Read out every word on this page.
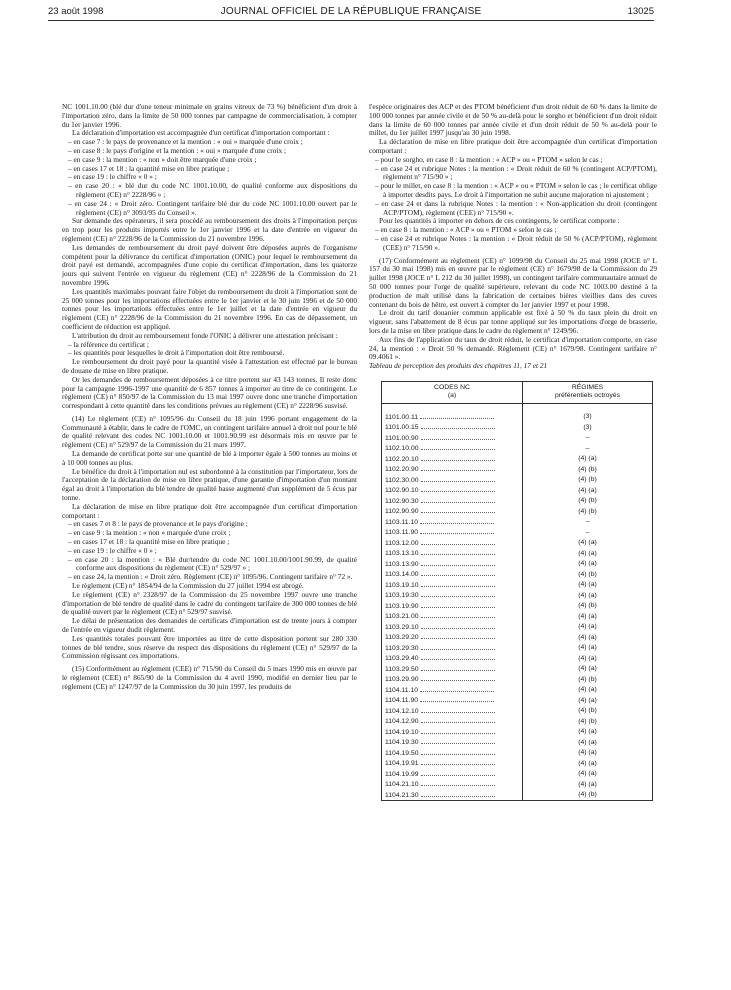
23 août 1998	JOURNAL OFFICIEL DE LA RÉPUBLIQUE FRANÇAISE	13025

NC 1001.10.00 (blé dur d'une teneur minimale en grains vitreux de 73 %) bénéficient d'un droit à l'importation zéro, dans la limite de 50 000 tonnes par campagne de commercialisation, à compter du 1er janvier 1996.

La déclaration d'importation est accompagnée d'un certificat d'importation comportant :

– en case 7 : le pays de provenance et la mention : « oui » marquée d'une croix ;

– en case 8 : le pays d'origine et la mention : « oui » marquée d'une croix ;

– en case 9 : la mention : « non » doit être marquée d'une croix ;

– en cases 17 et 18 : la quantité mise en libre pratique ;

– en case 19 : le chiffre « 0 » ;

– en case 20 : « blé dur du code NC 1001.10.00, de qualité conforme aux dispositions du règlement (CE) n° 2228/96 » ;

– en case 24 : « Droit zéro. Contingent tarifaire blé dur du code NC 1001.10.00 ouvert par le règlement (CE) n° 3093/95 du Conseil ».

Sur demande des opérateurs, il sera procédé au remboursement des droits à l'importation perçus en trop pour les produits importés entre le 1er janvier 1996 et la date d'entrée en vigueur du règlement (CE) n° 2228/96 de la Commission du 21 novembre 1996.

Les demandes de remboursement du droit payé doivent être déposées auprès de l'organisme compétent pour la délivrance du certificat d'importation (ONIC) pour lequel le remboursement du droit payé est demandé, accompagnées d'une copie du certificat d'importation, dans les quatorze jours qui suivent l'entrée en vigueur du règlement (CE) n° 2228/96 de la Commission du 21 novembre 1996.

Les quantités maximales pouvant faire l'objet du remboursement du droit à l'importation sont de 25 000 tonnes pour les importations effectuées entre le 1er janvier et le 30 juin 1996 et de 50 000 tonnes pour les importations effectuées entre le 1er juillet et la date d'entrée en vigueur du règlement (CE) n° 2228/96 de la Commission du 21 novembre 1996. En cas de dépassement, un coefficient de réduction est appliqué.

L'attribution du droit au remboursement fonde l'ONIC à délivrer une attestation précisant :

– la référence du certificat ;

– les quantités pour lesquelles le droit à l'importation doit être remboursé.

Le remboursement du droit payé pour la quantité visée à l'attestation est effectué par le bureau de douane de mise en libre pratique.

Or les demandes de remboursement déposées à ce titre portent sur 43 143 tonnes. Il reste donc pour la campagne 1996-1997 une quantité de 6 857 tonnes à importer au titre de ce contingent. Le règlement (CE) n° 850/97 de la Commission du 13 mai 1997 ouvre donc une tranche d'importation correspondant à cette quantité dans les conditions prévues au règlement (CE) n° 2228/96 susvisé.

(14) Le règlement (CE) n° 1095/96 du Conseil du 18 juin 1996 portant engagement de la Communauté à établir, dans le cadre de l'OMC, un contingent tarifaire annuel à droit nul pour le blé de qualité relevant des codes NC 1001.10.00 et 1001.90.99 est désormais mis en œuvre par le règlement (CE) n° 529/97 de la Commission du 21 mars 1997.

La demande de certificat porte sur une quantité de blé à importer égale à 500 tonnes au moins et à 10 000 tonnes au plus.

Le bénéfice du droit à l'importation nul est subordonné à la constitution par l'importateur, lors de l'acceptation de la déclaration de mise en libre pratique, d'une garantie d'importation d'un montant égal au droit à l'importation du blé tendre de qualité basse augmenté d'un supplément de 5 écus par tonne.

La déclaration de mise en libre pratique doit être accompagnée d'un certificat d'importation comportant :

– en cases 7 et 8 : le pays de provenance et le pays d'origine ;

– en case 9 : la mention : « non » marquée d'une croix ;

– en cases 17 et 18 : la quantité mise en libre pratique ;

– en case 19 : le chiffre « 0 » ;

– en case 20 : la mention : « Blé dur/tendre du code NC 1001.10.00/1001.90.99, de qualité conforme aux dispositions du règlement (CE) n° 529/97 » ;

– en case 24, la mention : « Droit zéro. Règlement (CE) n° 1095/96. Contingent tarifaire n° 72 ».

Le règlement (CE) n° 1854/94 de la Commission du 27 juillet 1994 est abrogé.

Le règlement (CE) n° 2328/97 de la Commission du 25 novembre 1997 ouvre une tranche d'importation de blé tendre de qualité dans le cadre du contingent tarifaire de 300 000 tonnes de blé de qualité ouvert par le règlement (CE) n° 529/97 susvisé.

Le délai de présentation des demandes de certificats d'importation est de trente jours à compter de l'entrée en vigueur dudit règlement.

Les quantités totales pouvant être importées au titre de cette disposition portent sur 280 330 tonnes de blé tendre, sous réserve du respect des dispositions du règlement (CE) n° 529/97 de la Commission régissant ces importations.

(15) Conformément au règlement (CEE) n° 715/90 du Conseil du 5 mars 1990 mis en œuvre par le règlement (CEE) n° 865/90 de la Commission du 4 avril 1990, modifié en dernier lieu par le règlement (CE) n° 1247/97 de la Commission du 30 juin 1997, les produits de

l'espèce originaires des ACP et des PTOM bénéficient d'un droit réduit de 60 % dans la limite de 100 000 tonnes par année civile et de 50 % au-delà pour le sorgho et bénéficient d'un droit réduit dans la limite de 60 000 tonnes par année civile et d'un droit réduit de 50 % au-delà pour le millet, du 1er juillet 1997 jusqu'au 30 juin 1998.

La déclaration de mise en libre pratique doit être accompagnée d'un certificat d'importation comportant :

– pour le sorgho, en case 8 : la mention : « ACP » ou « PTOM » selon le cas ;

– en case 24 et rubrique Notes : la mention : « Droit réduit de 60 % (contingent ACP/PTOM), règlement n° 715/90 » ;

– pour le millet, en case 8 : la mention : « ACP » ou « PTOM » selon le cas ; le certificat oblige à importer desdits pays. Le droit à l'importation ne subit aucune majoration ni ajustement ;

– en case 24 et dans la rubrique Notes : la mention : « Non-application du droit (contingent ACP/PTOM), règlement (CEE) n° 715/90 ».

Pour les quantités à importer en dehors de ces contingents, le certificat comporte :

– en case 8 : la mention : « ACP » ou « PTOM » selon le cas ;

– en case 24 et rubrique Notes : la mention : « Droit réduit de 50 % (ACP/PTOM), règlement (CEE) n° 715/90 ».

(17) Conformément au règlement (CE) n° 1099/98 du Conseil du 25 mai 1998 (JOCE n° L 157 du 30 mai 1998) mis en œuvre par le règlement (CE) n° 1679/98 de la Commission du 29 juillet 1998 (JOCE n° L 212 du 30 juillet 1998), un contingent tarifaire communautaire annuel de 50 000 tonnes pour l'orge de qualité supérieure, relevant du code NC 1003.00 destiné à la production de malt utilisé dans la fabrication de certaines bières vieillies dans des cuves contenant du bois de hêtre, est ouvert à compter du 1er janvier 1997 et pour 1998.

Le droit du tarif douanier commun applicable est fixé à 50 % du taux plein du droit en vigueur, sans l'abattement de 8 écus par tonne appliqué sur les importations d'orge de brasserie, lors de la mise en libre pratique dans le cadre du règlement n° 1249/96.

Aux fins de l'application du taux de droit réduit, le certificat d'importation comporte, en case 24, la mention : « Droit 50 % demandé. Règlement (CE) n° 1679/98. Contingent tarifaire n° 09.4061 ».

Tableau de perception des produits des chapitres 11, 17 et 21

CODES NC
(a)	RÉGIMES
préférentiels octroyés
1101.00.11	(3)
1101.00.15	(3)
1101.00.90	–
1102.10.00	–
1102.20.10	(4) (a)
1102.20.90	(4) (b)
1102.30.00	(4) (b)
1102.90.10	(4) (a)
1102.90.30	(4) (b)
1102.90.90	(4) (b)
1103.11.10	–
1103.11.90	–
1103.12.00	(4) (a)
1103.13.10	(4) (a)
1103.13.90	(4) (a)
1103.14.00	(4) (b)
1103.19.10	(4) (a)
1103.19.30	(4) (a)
1103.19.90	(4) (b)
1103.21.00	(4) (a)
1103.29.10	(4) (a)
1103.29.20	(4) (a)
1103.29.30	(4) (a)
1103.29.40	(4) (a)
1103.29.50	(4) (a)
1103.29.90	(4) (b)
1104.11.10	(4) (a)
1104.11.90	(4) (a)
1104.12.10	(4) (b)
1104.12.90	(4) (b)
1104.19.10	(4) (a)
1104.19.30	(4) (a)
1104.19.50	(4) (a)
1104.19.91	(4) (a)
1104.19.99	(4) (a)
1104.21.10	(4) (a)
1104.21.30	(4) (b)
